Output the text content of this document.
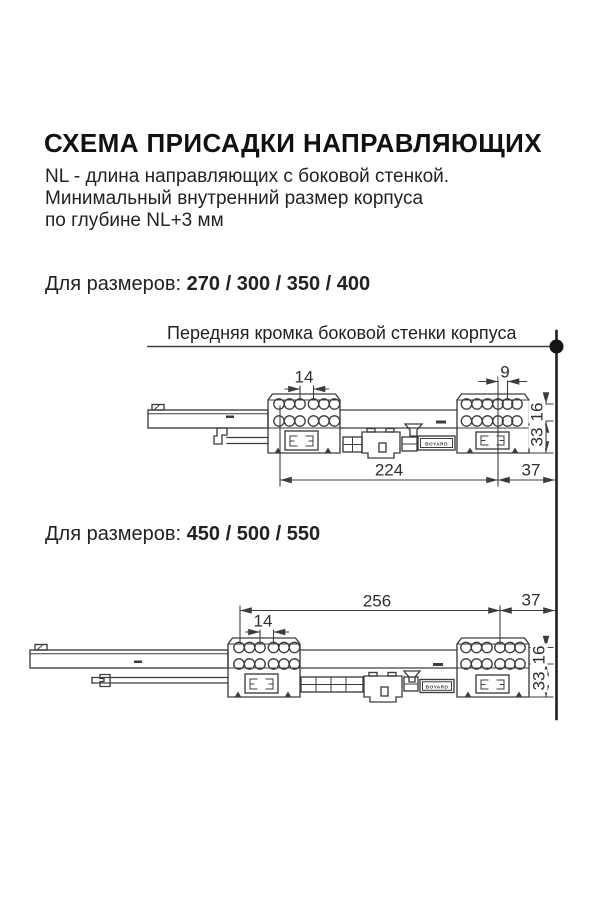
BOYARD
BOYARD
СХЕМА ПРИСАДКИ НАПРАВЛЯЮЩИХ
NL - длина направляющих с боковой стенкой.
Минимальный внутренний размер корпуса
по глубине NL+3 мм
Для размеров: 270 / 300 / 350 / 400
Передняя кромка боковой стенки корпуса
Для размеров: 450 / 500 / 550
14	9
224	37
16
33
256	37
14
16
33
